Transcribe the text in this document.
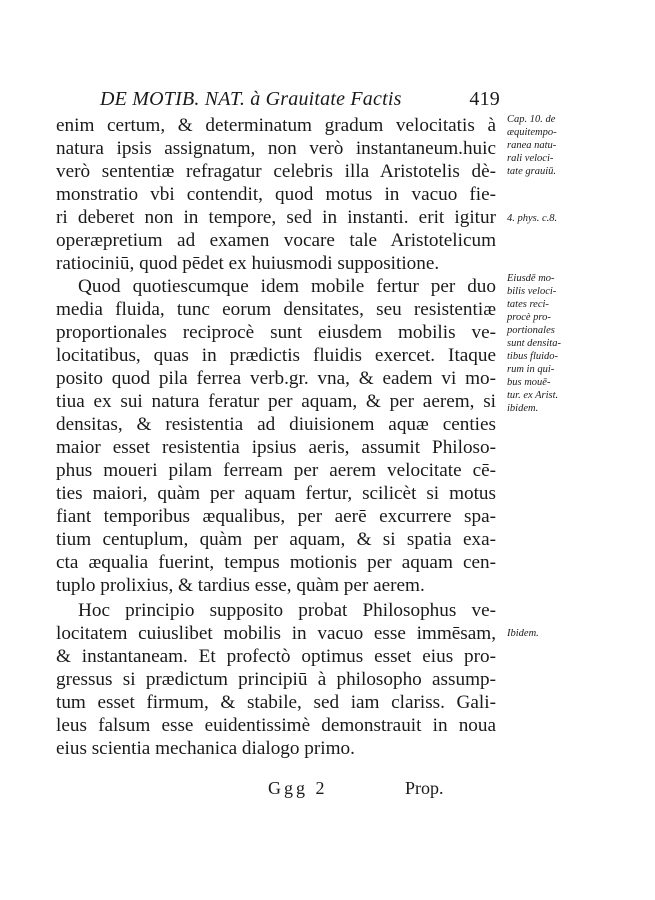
DE MOTIB. NAT. à Grauitate Factis	419
enim certum, & determinatum gradum velocitatis à
natura ipsis assignatum, non verò instantaneum.huic
verò sententiæ refragatur celebris illa Aristotelis dè-
monstratio vbi contendit, quod motus in vacuo fie-
ri deberet non in tempore, sed in instanti. erit igitur
operæpretium ad examen vocare tale Aristotelicum
ratiociniū, quod pēdet ex huiusmodi suppositione.
Quod quotiescumque idem mobile fertur per duo
media fluida, tunc eorum densitates, seu resistentiæ
proportionales reciprocè sunt eiusdem mobilis ve-
locitatibus, quas in prædictis fluidis exercet. Itaque
posito quod pila ferrea verb.gr. vna, & eadem vi mo-
tiua ex sui natura feratur per aquam, & per aerem, si
densitas, & resistentia ad diuisionem aquæ centies
maior esset resistentia ipsius aeris, assumit Philoso-
phus moueri pilam ferream per aerem velocitate cē-
ties maiori, quàm per aquam fertur, scilicèt si motus
fiant temporibus æqualibus, per aerē excurrere spa-
tium centuplum, quàm per aquam, & si spatia exa-
cta æqualia fuerint, tempus motionis per aquam cen-
tuplo prolixius, & tardius esse, quàm per aerem.
Hoc principio supposito probat Philosophus ve-
locitatem cuiuslibet mobilis in vacuo esse immēsam,
& instantaneam. Et profectò optimus esset eius pro-
gressus si prædictum principiū à philosopho assump-
tum esset firmum, & stabile, sed iam clariss. Gali-
leus falsum esse euidentissimè demonstrauit in noua
eius scientia mechanica dialogo primo.
Cap. 10. de
æquitempo-
ranea natu-
rali veloci-
tate grauiū.
4. phys. c.8.
Eiusdē mo-
bilis veloci-
tates reci-
procè pro-
portionales
sunt densita-
tibus fluido-
rum in qui-
bus mouē-
tur. ex Arist.
ibidem.
Ibidem.
Ggg 2	Prop.
